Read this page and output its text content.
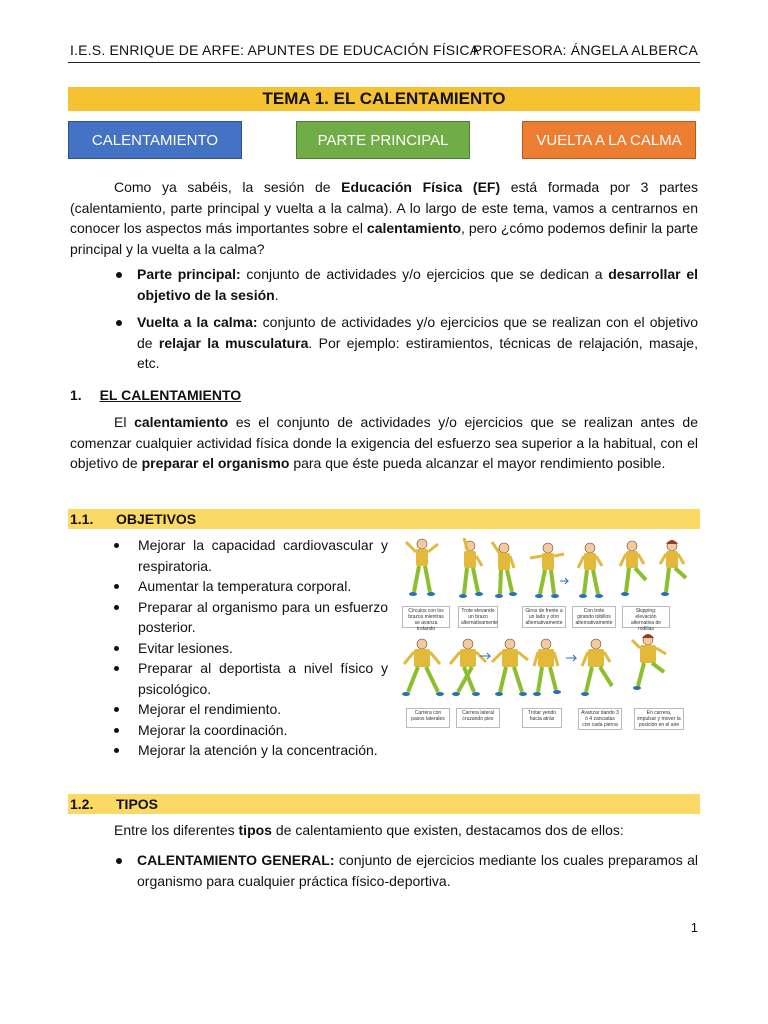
I.E.S. ENRIQUE DE ARFE: APUNTES DE EDUCACIÓN FÍSICA
PROFESORA: ÁNGELA ALBERCA
TEMA 1. EL CALENTAMIENTO
CALENTAMIENTO	PARTE PRINCIPAL	VUELTA A LA CALMA
Como ya sabéis, la sesión de Educación Física (EF) está formada por 3 partes (calentamiento, parte principal y vuelta a la calma). A lo largo de este tema, vamos a centrarnos en conocer los aspectos más importantes sobre el calentamiento, pero ¿cómo podemos definir la parte principal y la vuelta a la calma?
Parte principal: conjunto de actividades y/o ejercicios que se dedican a desarrollar el objetivo de la sesión.
Vuelta a la calma: conjunto de actividades y/o ejercicios que se realizan con el objetivo de relajar la musculatura. Por ejemplo: estiramientos, técnicas de relajación, masaje, etc.
1. EL CALENTAMIENTO
El calentamiento es el conjunto de actividades y/o ejercicios que se realizan antes de comenzar cualquier actividad física donde la exigencia del esfuerzo sea superior a la habitual, con el objetivo de preparar el organismo para que éste pueda alcanzar el mayor rendimiento posible.
1.1. OBJETIVOS
Mejorar la capacidad cardiovascular y respiratoria.
Aumentar la temperatura corporal.
Preparar al organismo para un esfuerzo posterior.
Evitar lesiones.
Preparar al deportista a nivel físico y psicológico.
Mejorar el rendimiento.
Mejorar la coordinación.
Mejorar la atención y la concentración.
Círculos con los brazos mientras se avanza trotando
Trote elevando un brazo alternativamente
Giros de frente a un lado y otro alternativamente
Con trote girando tobillos alternativamente
Skipping: elevación alternativa de rodillas
Carrera con pasos laterales
Carrera lateral cruzando pies
Trotar yendo hacia atrás
Avanzar dando 3 ó 4 zancadas con cada pierna
En carrera, impulsar y mover la posición en el aire
1.2. TIPOS
Entre los diferentes tipos de calentamiento que existen, destacamos dos de ellos:
CALENTAMIENTO GENERAL: conjunto de ejercicios mediante los cuales preparamos al organismo para cualquier práctica físico-deportiva.
1
